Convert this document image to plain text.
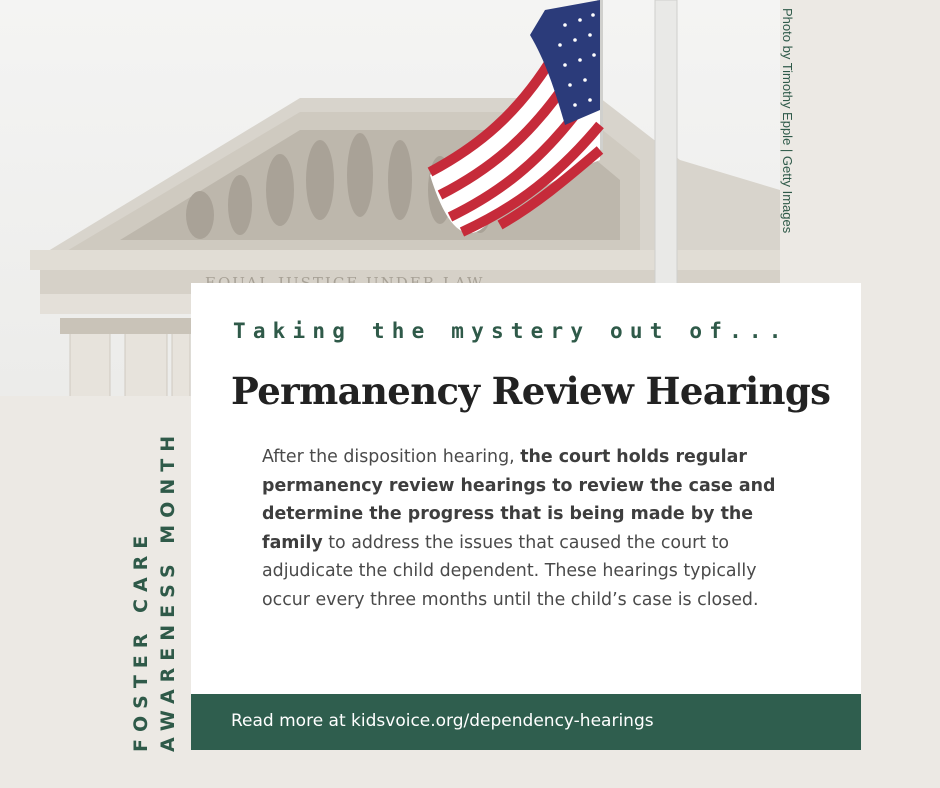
Photo by Timothy Epple | Getty Images
FOSTER CARE AWARENESS MONTH
Taking the mystery out of...
Permanency Review Hearings
After the disposition hearing, the court holds regular permanency review hearings to review the case and determine the progress that is being made by the family to address the issues that caused the court to adjudicate the child dependent. These hearings typically occur every three months until the child’s case is closed.
Read more at kidsvoice.org/dependency-hearings
